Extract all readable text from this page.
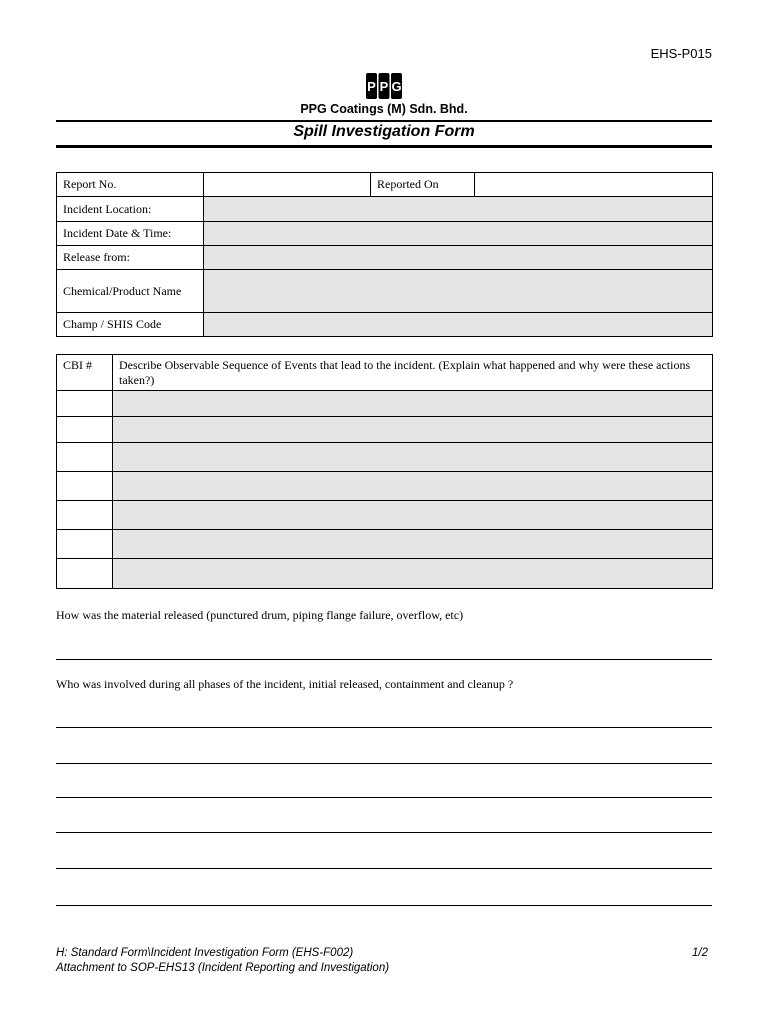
EHS-P015
P P G
PPG Coatings (M) Sdn. Bhd.
Spill Investigation Form
Report No.		Reported On	
Incident Location:			
Incident Date & Time:			
Release from:			
Chemical/Product Name			
Champ / SHIS Code			
CBI #	Describe Observable Sequence of Events that lead to the incident. (Explain what happened and why were these actions taken?)

How was the material released (punctured drum, piping flange failure, overflow, etc)
Who was involved during all phases of the incident, initial released, containment and cleanup ?
H: Standard Form\Incident Investigation Form (EHS-F002)
Attachment to SOP-EHS13 (Incident Reporting and Investigation)
1/2
